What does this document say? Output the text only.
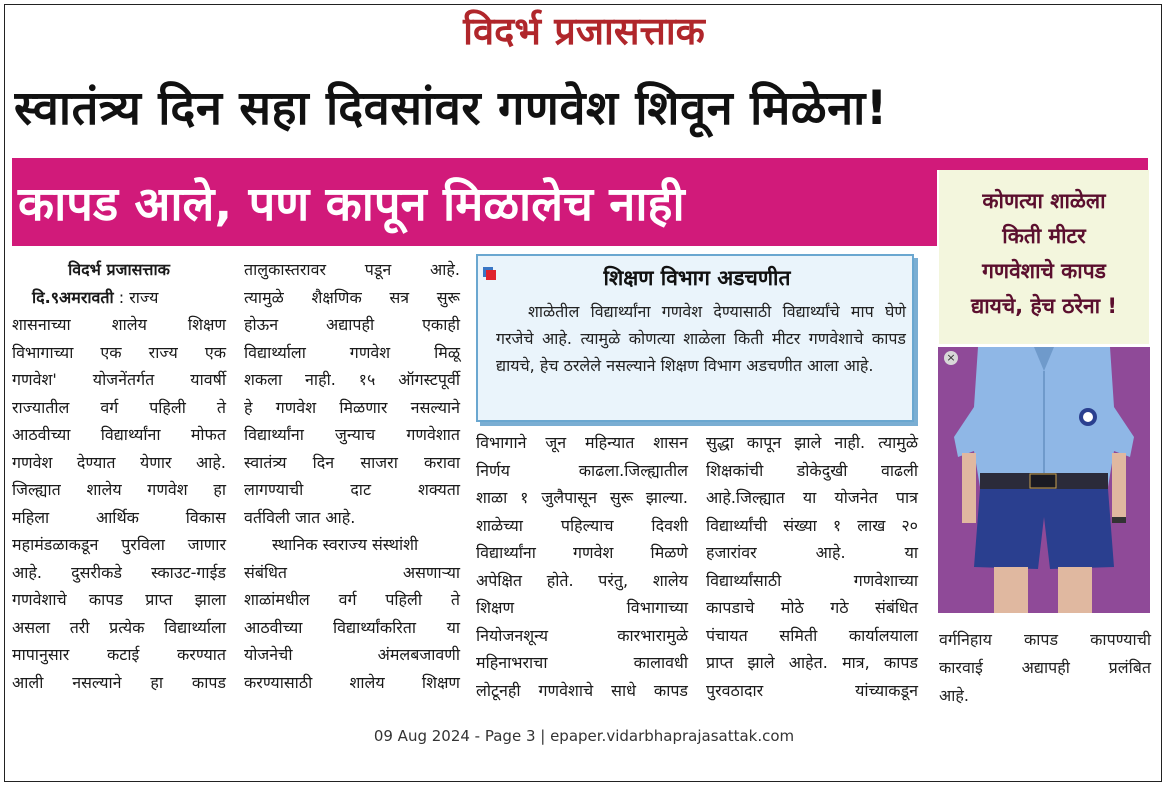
विदर्भ प्रजासत्ताक
स्वातंत्र्य दिन सहा दिवसांवर गणवेश शिवून मिळेना!
कापड आले, पण कापून मिळालेच नाही	कोणत्या शाळेला
किती मीटर
गणवेशाचे कापड
द्यायचे, हेच ठरेना !
×
वर्गनिहाय कापड कापण्याची
कारवाई अद्यापही प्रलंबित
आहे.
विदर्भ प्रजासत्ताक
दि.९अमरावती : राज्य
शासनाच्या शालेय शिक्षण
विभागाच्या एक राज्य एक
गणवेश' योजनेंतर्गत यावर्षी
राज्यातील वर्ग पहिली ते
आठवीच्या विद्यार्थ्यांना मोफत
गणवेश देण्यात येणार आहे.
जिल्ह्यात शालेय गणवेश हा
महिला आर्थिक विकास
महामंडळाकडून पुरविला जाणार
आहे. दुसरीकडे स्काउट-गाईड
गणवेशाचे कापड प्राप्त झाला
असला तरी प्रत्येक विद्यार्थ्याला
मापानुसार कटाई करण्यात
आली नसल्याने हा कापड
तालुकास्तरावर पडून आहे.
त्यामुळे शैक्षणिक सत्र सुरू
होऊन अद्यापही एकाही
विद्यार्थ्याला गणवेश मिळू
शकला नाही. १५ ऑगस्टपूर्वी
हे गणवेश मिळणार नसल्याने
विद्यार्थ्यांना जुन्याच गणवेशात
स्वातंत्र्य दिन साजरा करावा
लागण्याची दाट शक्यता
वर्तविली जात आहे.
स्थानिक स्वराज्य संस्थांशी
संबंधित असणाऱ्या
शाळांमधील वर्ग पहिली ते
आठवीच्या विद्यार्थ्यांकरिता या
योजनेची अंमलबजावणी
करण्यासाठी शालेय शिक्षण
शिक्षण विभाग अडचणीत
शाळेतील विद्यार्थ्यांना गणवेश देण्यासाठी विद्यार्थ्यांचे माप घेणे गरजेचे आहे. त्यामुळे कोणत्या शाळेला किती मीटर गणवेशाचे कापड द्यायचे, हेच ठरलेले नसल्याने शिक्षण विभाग अडचणीत आला आहे.
विभागाने जून महिन्यात शासन
निर्णय काढला.जिल्ह्यातील
शाळा १ जुलैपासून सुरू झाल्या.
शाळेच्या पहिल्याच दिवशी
विद्यार्थ्यांना गणवेश मिळणे
अपेक्षित होते. परंतु, शालेय
शिक्षण विभागाच्या
नियोजनशून्य कारभारामुळे
महिनाभराचा कालावधी
लोटूनही गणवेशाचे साधे कापड
सुद्धा कापून झाले नाही. त्यामुळे
शिक्षकांची डोकेदुखी वाढली
आहे.जिल्ह्यात या योजनेत पात्र
विद्यार्थ्यांची संख्या १ लाख २०
हजारांवर आहे. या
विद्यार्थ्यांसाठी गणवेशाच्या
कापडाचे मोठे गठे संबंधित
पंचायत समिती कार्यालयाला
प्राप्त झाले आहेत. मात्र, कापड
पुरवठादार यांच्याकडून
09 Aug 2024 - Page 3 | epaper.vidarbhaprajasattak.com
